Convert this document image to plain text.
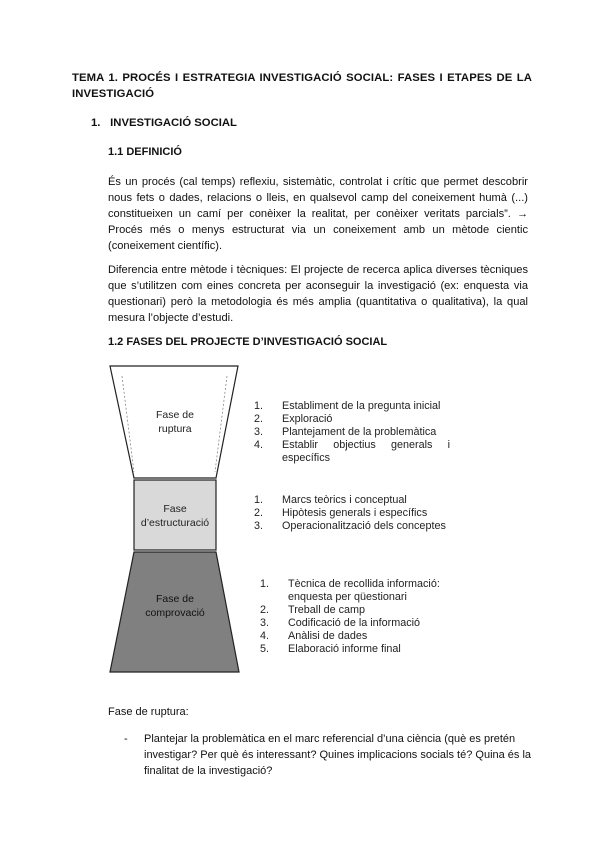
TEMA 1. PROCÉS I ESTRATEGIA INVESTIGACIÓ SOCIAL: FASES I ETAPES DE LA INVESTIGACIÓ
1. INVESTIGACIÓ SOCIAL
1.1 DEFINICIÓ
És un procés (cal temps) reflexiu, sistemàtic, controlat i crític que permet descobrir nous fets o dades, relacions o lleis, en qualsevol camp del coneixement humà (...) constitueixen un camí per conèixer la realitat, per conèixer veritats parcials”. → Procés més o menys estructurat via un coneixement amb un mètode cientic (coneixement científic).
Diferencia entre mètode i tècniques: El projecte de recerca aplica diverses tècniques que s’utilitzen com eines concreta per aconseguir la investigació (ex: enquesta via questionari) però la metodologia és més amplia (quantitativa o qualitativa), la qual mesura l’objecte d’estudi.
1.2 FASES DEL PROJECTE D’INVESTIGACIÓ SOCIAL
Fase de
ruptura
Fase
d’estructuració
Fase de
comprovació
1.	Establiment de la pregunta inicial
2.	Exploració
3.	Plantejament de la problemàtica
4.	Establir objectius generals i específics
1.	Marcs teòrics i conceptual
2.	Hipòtesis generals i específics
3.	Operacionalització dels conceptes
1.	Tècnica de recollida informació: enquesta per qüestionari
2.	Treball de camp
3.	Codificació de la informació
4.	Anàlisi de dades
5.	Elaboració informe final
Fase de ruptura:
- Plantejar la problemàtica en el marc referencial d’una ciència (què es pretén investigar? Per què és interessant? Quines implicacions socials té? Quina és la finalitat de la investigació?
